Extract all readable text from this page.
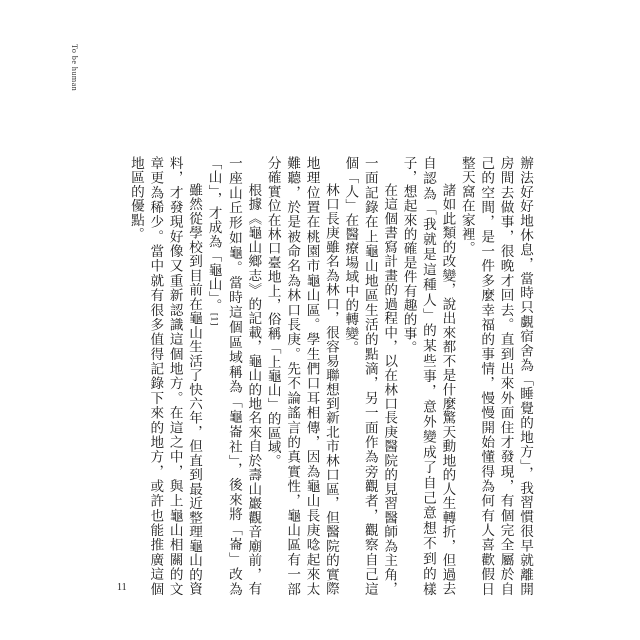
To be human

辦法好好地休息，當時只覷宿舍為「睡覺的地方」，我習慣很早就離開房間去做事，很晚才回去。直到出來外面住才發現，有個完全屬於自己的空間，是一件多麼幸福的事情，慢慢開始懂得為何有人喜歡假日整天窩在家裡。

諸如此類的改變，說出來都不是什麼驚天動地的人生轉折，但過去自認為「我就是這種人」的某些事，意外變成了自己意想不到的樣子，想起來的確是件有趣的事。

在這個書寫計畫的過程中，以在林口長庚醫院的見習醫師為主角，一面記錄在上龜山地區生活的點滴，另一面作為旁觀者，觀察自己這個「人」在醫療場域中的轉變。

林口長庚雖名為林口，很容易聯想到新北市林口區，但醫院的實際地理位置在桃園市龜山區。學生們口耳相傳，因為龜山長庚唸起來太難聽，於是被命名為林口長庚。先不論謠言的真實性，龜山區有一部分確實位在林口臺地上，俗稱「上龜山」的區域。

根據《龜山鄉志》的記載，龜山的地名來自於壽山巖觀音廟前，有一座山丘形如龜。當時這個區域稱為「龜崙社」，後來將「崙」改為「山」，才成為「龜山」。[1]

雖然從學校到目前在龜山生活了快六年，但直到最近整理龜山的資料，才發現好像又重新認識這個地方。在這之中，與上龜山相關的文章更為稀少。當中就有很多值得記錄下來的地方，或許也能推廣這個地區的優點。

11
